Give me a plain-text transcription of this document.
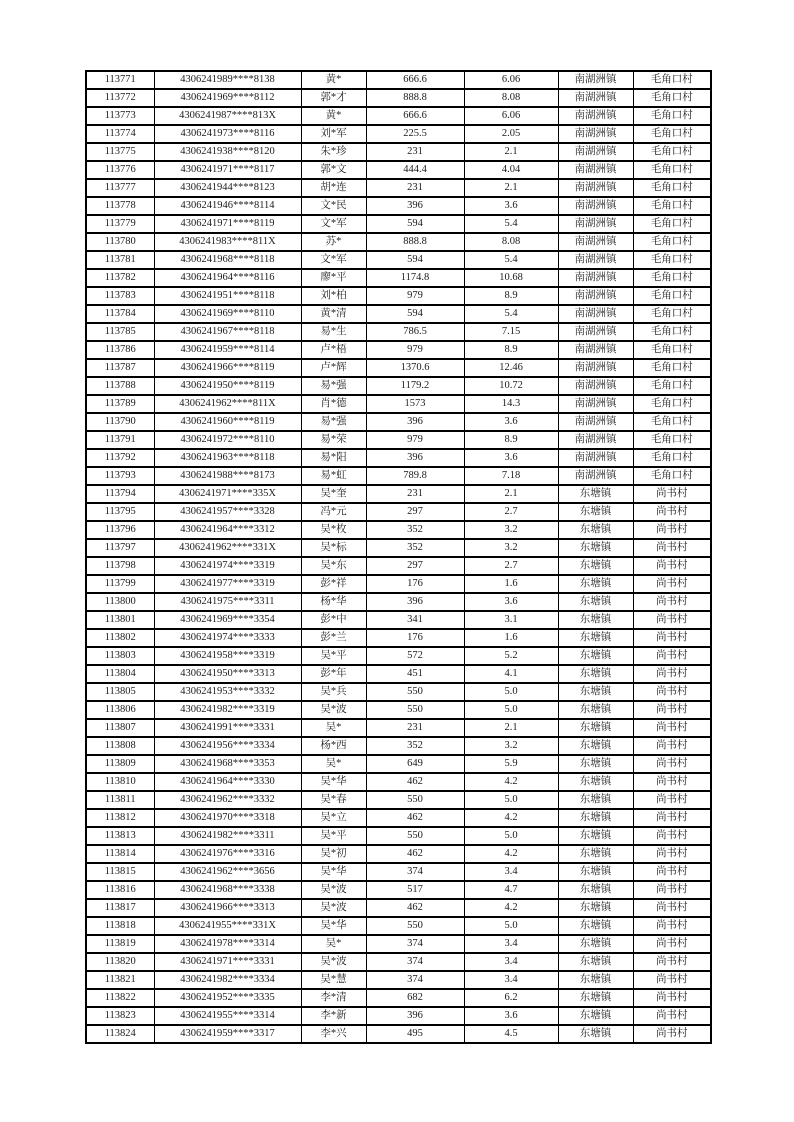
113771	4306241989****8138	黄*	666.6	6.06	南湖洲镇	毛角口村
113772	4306241969****8112	郭*才	888.8	8.08	南湖洲镇	毛角口村
113773	4306241987****813X	黄*	666.6	6.06	南湖洲镇	毛角口村
113774	4306241973****8116	刘*军	225.5	2.05	南湖洲镇	毛角口村
113775	4306241938****8120	朱*珍	231	2.1	南湖洲镇	毛角口村
113776	4306241971****8117	郭*文	444.4	4.04	南湖洲镇	毛角口村
113777	4306241944****8123	胡*连	231	2.1	南湖洲镇	毛角口村
113778	4306241946****8114	文*民	396	3.6	南湖洲镇	毛角口村
113779	4306241971****8119	文*军	594	5.4	南湖洲镇	毛角口村
113780	4306241983****811X	苏*	888.8	8.08	南湖洲镇	毛角口村
113781	4306241968****8118	文*军	594	5.4	南湖洲镇	毛角口村
113782	4306241964****8116	廖*平	1174.8	10.68	南湖洲镇	毛角口村
113783	4306241951****8118	刘*柏	979	8.9	南湖洲镇	毛角口村
113784	4306241969****8110	黄*清	594	5.4	南湖洲镇	毛角口村
113785	4306241967****8118	易*生	786.5	7.15	南湖洲镇	毛角口村
113786	4306241959****8114	卢*梧	979	8.9	南湖洲镇	毛角口村
113787	4306241966****8119	卢*辉	1370.6	12.46	南湖洲镇	毛角口村
113788	4306241950****8119	易*强	1179.2	10.72	南湖洲镇	毛角口村
113789	4306241962****811X	肖*德	1573	14.3	南湖洲镇	毛角口村
113790	4306241960****8119	易*强	396	3.6	南湖洲镇	毛角口村
113791	4306241972****8110	易*荣	979	8.9	南湖洲镇	毛角口村
113792	4306241963****8118	易*阳	396	3.6	南湖洲镇	毛角口村
113793	4306241988****8173	易*虹	789.8	7.18	南湖洲镇	毛角口村
113794	4306241971****335X	吴*奎	231	2.1	东塘镇	尚书村
113795	4306241957****3328	冯*元	297	2.7	东塘镇	尚书村
113796	4306241964****3312	吴*枚	352	3.2	东塘镇	尚书村
113797	4306241962****331X	吴*标	352	3.2	东塘镇	尚书村
113798	4306241974****3319	吴*东	297	2.7	东塘镇	尚书村
113799	4306241977****3319	彭*祥	176	1.6	东塘镇	尚书村
113800	4306241975****3311	杨*华	396	3.6	东塘镇	尚书村
113801	4306241969****3354	彭*中	341	3.1	东塘镇	尚书村
113802	4306241974****3333	彭*兰	176	1.6	东塘镇	尚书村
113803	4306241958****3319	吴*平	572	5.2	东塘镇	尚书村
113804	4306241950****3313	彭*年	451	4.1	东塘镇	尚书村
113805	4306241953****3332	吴*兵	550	5.0	东塘镇	尚书村
113806	4306241982****3319	吴*波	550	5.0	东塘镇	尚书村
113807	4306241991****3331	吴*	231	2.1	东塘镇	尚书村
113808	4306241956****3334	杨*西	352	3.2	东塘镇	尚书村
113809	4306241968****3353	吴*	649	5.9	东塘镇	尚书村
113810	4306241964****3330	吴*华	462	4.2	东塘镇	尚书村
113811	4306241962****3332	吴*春	550	5.0	东塘镇	尚书村
113812	4306241970****3318	吴*立	462	4.2	东塘镇	尚书村
113813	4306241982****3311	吴*平	550	5.0	东塘镇	尚书村
113814	4306241976****3316	吴*初	462	4.2	东塘镇	尚书村
113815	4306241962****3656	吴*华	374	3.4	东塘镇	尚书村
113816	4306241968****3338	吴*波	517	4.7	东塘镇	尚书村
113817	4306241966****3313	吴*波	462	4.2	东塘镇	尚书村
113818	4306241955****331X	吴*华	550	5.0	东塘镇	尚书村
113819	4306241978****3314	吴*	374	3.4	东塘镇	尚书村
113820	4306241971****3331	吴*波	374	3.4	东塘镇	尚书村
113821	4306241982****3334	吴*慧	374	3.4	东塘镇	尚书村
113822	4306241952****3335	李*清	682	6.2	东塘镇	尚书村
113823	4306241955****3314	李*新	396	3.6	东塘镇	尚书村
113824	4306241959****3317	李*兴	495	4.5	东塘镇	尚书村
